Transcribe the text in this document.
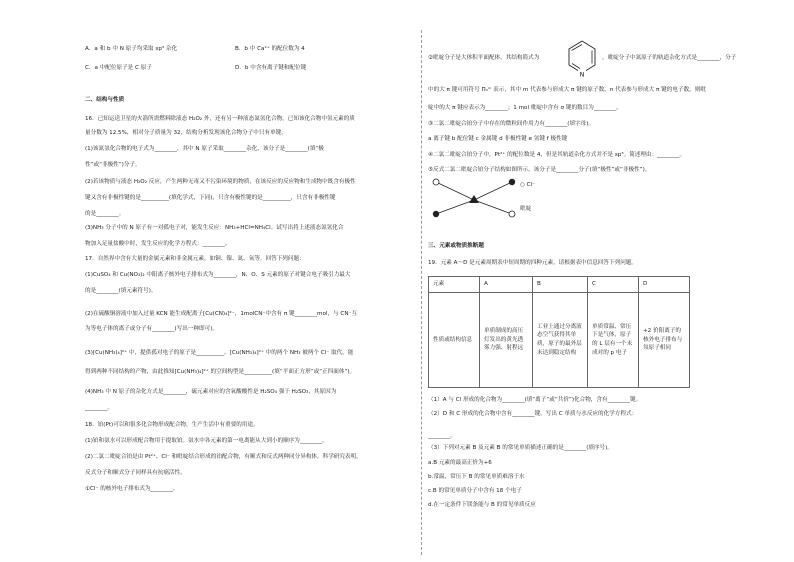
A．a 和 b 中 N 原子均采取 sp³ 杂化	B．b 中 Ca²⁺ 的配位数为 4
C．a 中配位原子是 C 原子	D．b 中含有离子键和配位键
二、结构与性质
16．已知运送卫星的火箭所需燃料除液态 H₂O₂ 外，还有另一种液态氮氢化合物。已知该化合物中氢元素的质
量分数为 12.5%，相对分子质量为 32，结构分析发现该化合物分子中只有单键。
(1)该氮氢化合物的电子式为________，其中 N 原子采取________杂化，该分子是________(填“极
性”或“非极性”)分子。
(2)若该物质与液态 H₂O₂ 反应，产生两种无毒又不污染环境的物质，在该反应的反应物和生成物中既含有极性
键又含有非极性键的是__________(填化学式，下同)，只含有极性键的是__________，只含有非极性键
的是________。
(3)NH₃ 分子中的 N 原子有一对孤电子对，能发生反应：NH₃+HCl=NH₄Cl。试写出将上述液态氮氢化合
物加入足量盐酸中时，发生反应的化学方程式：________。
17．自然界中含有大量的金属元素和非金属元素，如铜、镍、氮、氧等。回答下列问题：
(1)CuSO₄ 和 Cu(NO₃)₂ 中阳离子核外电子排布式为________，N、O、S 元素的原子对键合电子吸引力最大
的是________(填元素符号)。
(2)在硫酸铜溶液中加入过量 KCN 能生成配离子[Cu(CN)₄]²⁻，1molCN⁻中含有 π 键________mol，与 CN⁻互
为等电子体的离子或分子有________(写出一种即可)。
(3)[Cu(NH₃)₄]²⁺ 中，提供孤对电子的原子是__________。[Cu(NH₃)₄]²⁺ 中的两个 NH₃ 被两个 Cl⁻ 取代，能
得到两种不同结构的产物，由此推知[Cu(NH₃)₄]²⁺ 的空间构型是__________(填“平面正方形”或“正四面体”)。
(4)NH₃ 中 N 原子的杂化方式是________，硫元素对应的含氧酸酸性是 H₂SO₄ 强于 H₂SO₃，其原因为
________。
18．铂(Pt)可以和很多化合物形成配合物，生产生活中有重要的用途。
(1)铂和氨水可以形成配合物用于提取铂。氨水中各元素的第一电离能从大到小的顺序为________。
(2)二氯二吡啶合铂是由 Pt²⁺、Cl⁻ 和吡啶结合形成的铂配合物，有顺式和反式两种同分异构体，科学研究表明，
反式分子和顺式分子同样具有抗癌活性。
①Cl⁻ 的核外电子排布式为________。
②吡啶分子是大体积平面配体，其结构简式为
N
，吡啶分子中氮原子的轨道杂化方式是________，分子
中的大 π 键可用符号 Πₙᵐ 表示，其中 m 代表参与形成大 π 键的原子数，n 代表参与形成大 π 键的电子数，则吡
啶中的大 π 键应表示为________；1 mol 吡啶中含有 σ 键的数目为________。
③二氯二吡啶合铂分子中存在的微粒间作用力有________(填字母)。
a 离子键 b 配位键 c 金属键 d 非极性键 e 氢键 f 极性键
④二氯二吡啶合铂分子中，Pt²⁺ 的配位数是 4，但是其轨道杂化方式并不是 sp³。简述理由：________。
⑤反式二氯二吡啶合铂分子结构如图所示，该分子是________分子(填“极性”或“非极性”)。
○ Cl⁻
吡啶
三、元素或物质推断题
19．元素 A～D 是元素周期表中短周期的四种元素，请根据表中信息回答下列问题。
元素	A	B	C	D
性质或结构信息	单质制成的高压灯发出的黄光透雾力强、射程远	工业上通过分离液态空气获得其单质，原子的最外层未达到稳定结构	单质常温、常压下是气体，原子的 L 层有一个未成对的 p 电子	+2 价阳离子的核外电子排布与氖原子相同
（1）A 与 Cl 形成的化合物为________(填“离子”或“共价”)化合物，含有________键。
（2）D 和 C 形成的化合物中含有________键。写出 C 单质与水反应的化学方程式：
________。
（3）下列对元素 B 及元素 B 的常见单质描述正确的是________(填序号)。
a.B 元素的最高正价为+6
b.常温、常压下 B 的常见单质难溶于水
c.B 的常见单质分子中含有 18 个电子
d.在一定条件下镁条能与 B 的常见单质反应
